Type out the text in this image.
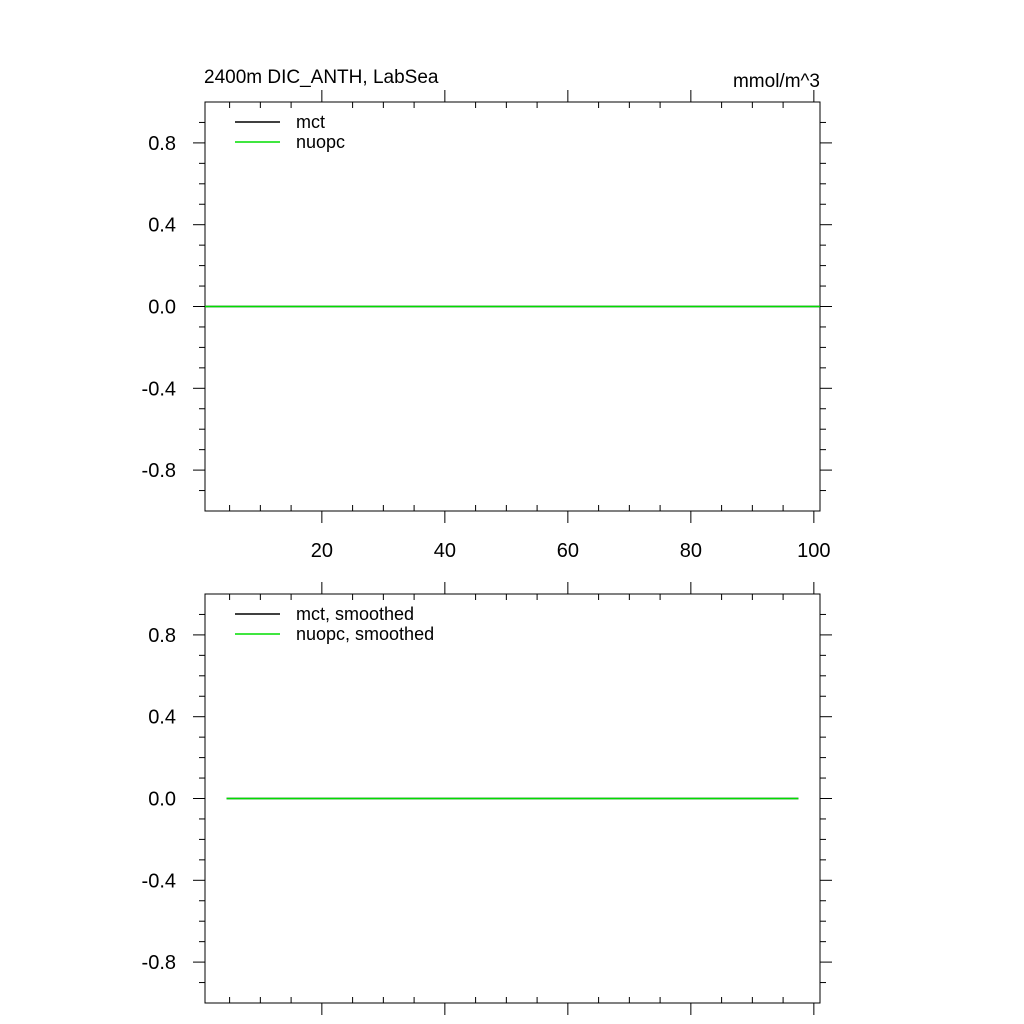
2400m DIC_ANTH, LabSea	mmol/m^3
20	40	60	80	100
0.8
0.4
0.0
-0.4
-0.8
mct
nuopc
0.8
0.4
0.0
-0.4
-0.8
mct, smoothed
nuopc, smoothed
